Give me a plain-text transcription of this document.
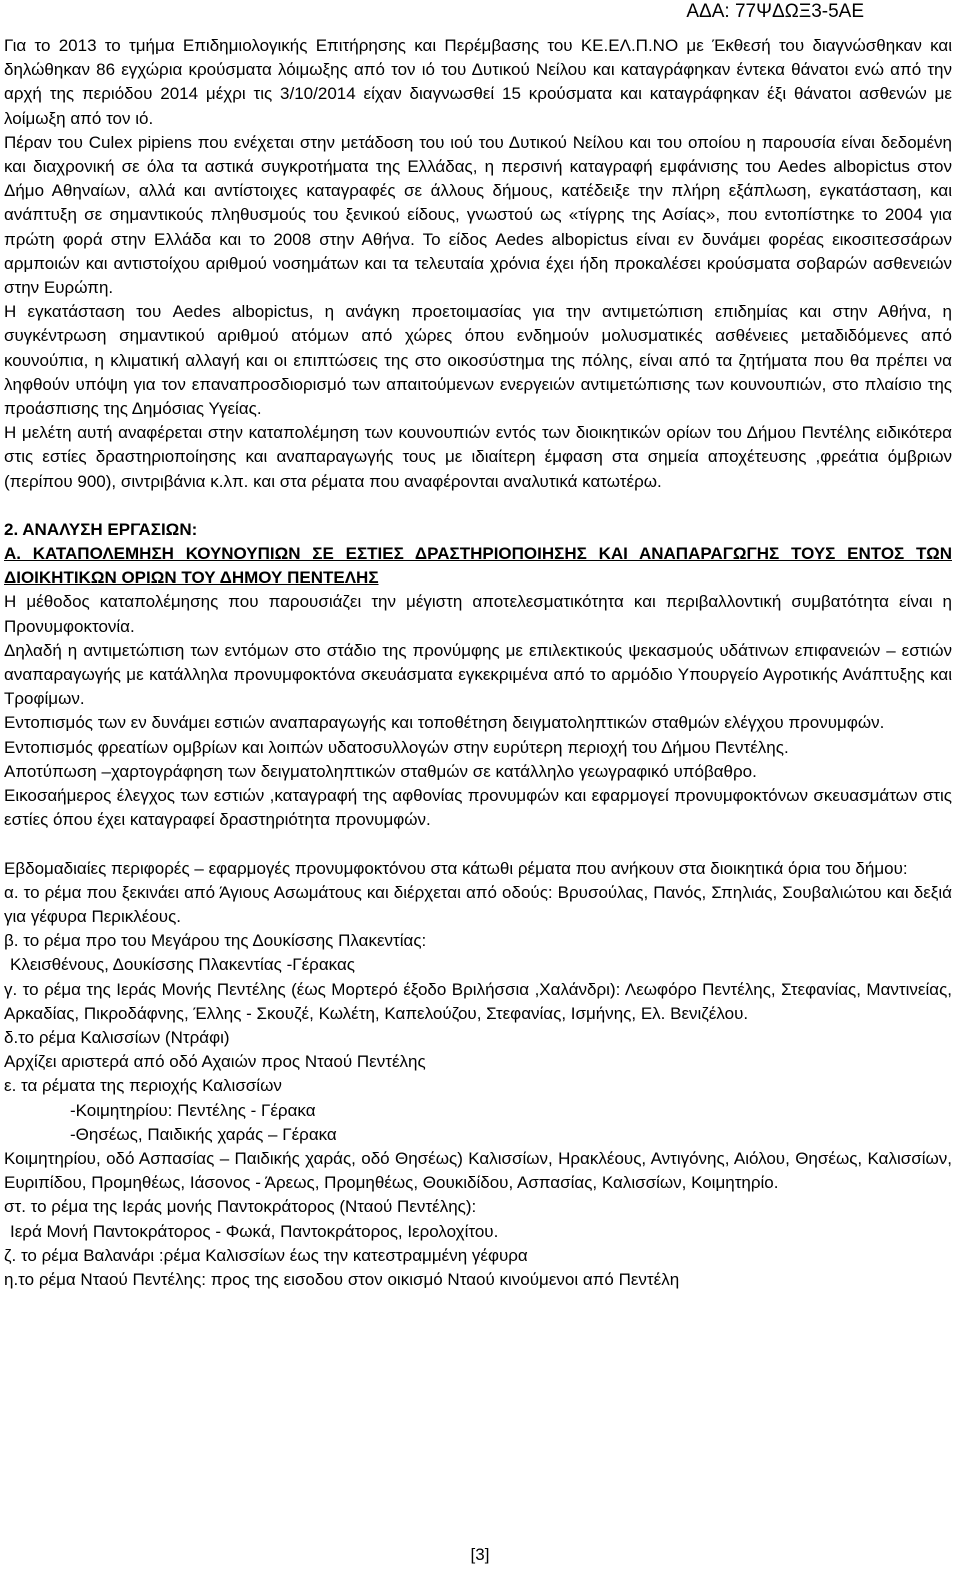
ΑΔΑ: 77ΨΔΩΞ3-5ΑΕ

Για το 2013 το τμήμα Επιδημιολογικής Επιτήρησης και Περέμβασης του ΚΕ.ΕΛ.Π.ΝΟ με Έκθεσή του διαγνώσθηκαν και δηλώθηκαν 86 εγχώρια κρούσματα λόιμωξης από τον ιό του Δυτικού Νείλου και καταγράφηκαν έντεκα θάνατοι ενώ από την αρχή της περιόδου 2014 μέχρι τις 3/10/2014 είχαν διαγνωσθεί 15 κρούσματα και καταγράφηκαν έξι θάνατοι ασθενών με λοίμωξη από τον ιό.

Πέραν του Culex pipiens που ενέχεται στην μετάδοση του ιού του Δυτικού Νείλου και του οποίου η παρουσία είναι δεδομένη και διαχρονική σε όλα τα αστικά συγκροτήματα της Ελλάδας, η περσινή καταγραφή εμφάνισης του Aedes albopictus στον Δήμο Αθηναίων, αλλά και αντίστοιχες καταγραφές σε άλλους δήμους, κατέδειξε την πλήρη εξάπλωση, εγκατάσταση, και ανάπτυξη σε σημαντικούς πληθυσμούς του ξενικού είδους, γνωστού ως «τίγρης της Ασίας», που εντοπίστηκε το 2004 για πρώτη φορά στην Ελλάδα και το 2008 στην Αθήνα. Το είδος Aedes albopictus είναι εν δυνάμει φορέας εικοσιτεσσάρων αρμποιών και αντιστοίχου αριθμού νοσημάτων και τα τελευταία χρόνια έχει ήδη προκαλέσει κρούσματα σοβαρών ασθενειών στην Ευρώπη.

Η εγκατάσταση του Aedes albopictus, η ανάγκη προετοιμασίας για την αντιμετώπιση επιδημίας και στην Αθήνα, η συγκέντρωση σημαντικού αριθμού ατόμων από χώρες όπου ενδημούν μολυσματικές ασθένειες μεταδιδόμενες από κουνούπια, η κλιματική αλλαγή και οι επιπτώσεις της στο οικοσύστημα της πόλης, είναι από τα ζητήματα που θα πρέπει να ληφθούν υπόψη για τον επαναπροσδιορισμό των απαιτούμενων ενεργειών αντιμετώπισης των κουνουπιών, στο πλαίσιο της προάσπισης της Δημόσιας Υγείας.

Η μελέτη αυτή αναφέρεται στην καταπολέμηση των κουνουπιών εντός των διοικητικών ορίων του Δήμου Πεντέλης ειδικότερα στις εστίες δραστηριοποίησης και αναπαραγωγής τους με ιδιαίτερη έμφαση στα σημεία αποχέτευσης ,φρεάτια όμβριων (περίπου 900), σιντριβάνια κ.λπ. και στα ρέματα που αναφέρονται αναλυτικά κατωτέρω.

2. ΑΝΑΛΥΣΗ ΕΡΓΑΣΙΩΝ:

Α. ΚΑΤΑΠΟΛΕΜΗΣΗ ΚΟΥΝΟΥΠΙΩΝ ΣΕ ΕΣΤΙΕΣ ΔΡΑΣΤΗΡΙΟΠΟΙΗΣΗΣ ΚΑΙ ΑΝΑΠΑΡΑΓΩΓΗΣ ΤΟΥΣ ΕΝΤΟΣ ΤΩΝ ΔΙΟΙΚΗΤΙΚΩΝ ΟΡΙΩΝ ΤΟΥ ΔΗΜΟΥ ΠΕΝΤΕΛΗΣ

Η μέθοδος καταπολέμησης που παρουσιάζει την μέγιστη αποτελεσματικότητα και περιβαλλοντική συμβατότητα είναι η Προνυμφοκτονία.

Δηλαδή η αντιμετώπιση των εντόμων στο στάδιο της προνύμφης με επιλεκτικούς ψεκασμούς υδάτινων επιφανειών – εστιών αναπαραγωγής με κατάλληλα προνυμφοκτόνα σκευάσματα εγκεκριμένα από το αρμόδιο Υπουργείο Αγροτικής Ανάπτυξης και Τροφίμων.

Εντοπισμός των εν δυνάμει εστιών αναπαραγωγής και τοποθέτηση δειγματοληπτικών σταθμών ελέγχου προνυμφών.

Εντοπισμός φρεατίων ομβρίων και λοιπών υδατοσυλλογών στην ευρύτερη περιοχή του Δήμου Πεντέλης.

Αποτύπωση –χαρτογράφηση των δειγματοληπτικών σταθμών σε κατάλληλο γεωγραφικό υπόβαθρο.

Εικοσαήμερος έλεγχος των εστιών ,καταγραφή της αφθονίας προνυμφών και εφαρμογεί προνυμφοκτόνων σκευασμάτων στις εστίες όπου έχει καταγραφεί δραστηριότητα προνυμφών.

Εβδομαδιαίες περιφορές – εφαρμογές προνυμφοκτόνου στα κάτωθι ρέματα που ανήκουν στα διοικητικά όρια του δήμου:

α. το ρέμα που ξεκινάει από Άγιους Ασωμάτους και διέρχεται από οδούς: Βρυσούλας, Πανός, Σπηλιάς, Σουβαλιώτου και δεξιά για γέφυρα Περικλέους.

β. το ρέμα προ του Μεγάρου της Δουκίσσης Πλακεντίας:

Κλεισθένους, Δουκίσσης Πλακεντίας -Γέρακας

γ. το ρέμα της Ιεράς Μονής Πεντέλης (έως Μορτερό έξοδο Βριλήσσια ,Χαλάνδρι): Λεωφόρο Πεντέλης, Στεφανίας, Μαντινείας, Αρκαδίας, Πικροδάφνης, Έλλης - Σκουζέ, Κωλέτη, Καπελούζου, Στεφανίας, Ισμήνης, Ελ. Βενιζέλου.

δ.το ρέμα Καλισσίων (Ντράφι)

Αρχίζει αριστερά από οδό Αχαιών προς Νταού Πεντέλης

ε. τα ρέματα της περιοχής Καλισσίων

-Κοιμητηρίου: Πεντέλης - Γέρακα

-Θησέως, Παιδικής χαράς – Γέρακα

Κοιμητηρίου, οδό Ασπασίας – Παιδικής χαράς, οδό Θησέως) Καλισσίων, Ηρακλέους, Αντιγόνης, Αιόλου, Θησέως, Καλισσίων, Ευριπίδου, Προμηθέως, Ιάσονος - Άρεως, Προμηθέως, Θουκιδίδου, Ασπασίας, Καλισσίων, Κοιμητηρίο.

στ. το ρέμα της Ιεράς μονής Παντοκράτορος (Νταού Πεντέλης):

Ιερά Μονή Παντοκράτορος - Φωκά, Παντοκράτορος, Ιερολοχίτου.

ζ. το ρέμα Βαλανάρι :ρέμα Καλισσίων έως την κατεστραμμένη γέφυρα

η.το ρέμα Νταού Πεντέλης: προς της εισοδου στον οικισμό Νταού κινούμενοι από Πεντέλη

[3]
